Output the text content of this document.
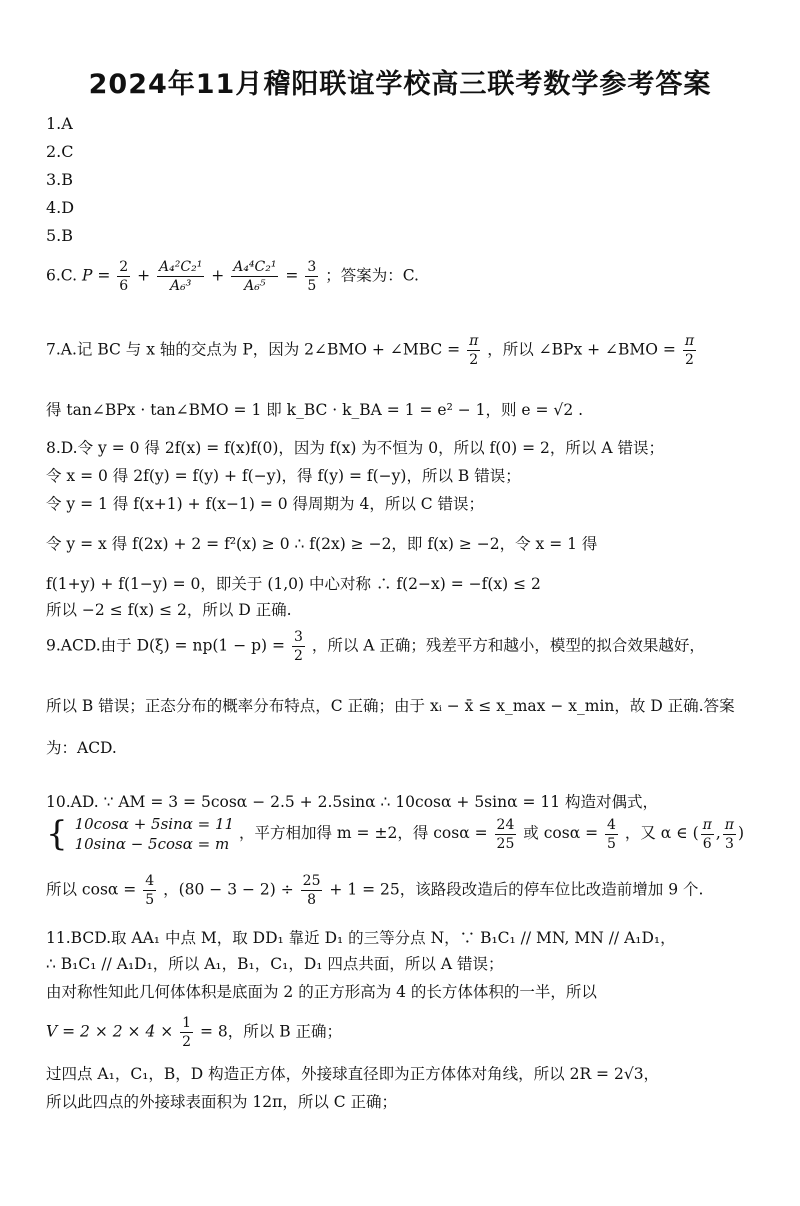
2024年11月稽阳联谊学校高三联考数学参考答案
1.A
2.C
3.B
4.D
5.B
6.C. $P = \frac{2}{6} + \frac{\text{A₄²C₂¹}}{\text{A₆³}} + \frac{\text{A₄⁴C₂¹}}{\text{A₆⁵}} = \frac{3}{5}$ ；答案为：C.
7.A.记 BC 与 x 轴的交点为 P，因为 2∠BMO + ∠MBC = $\frac{\pi}{2}$ ，所以 ∠BPx + ∠BMO = $\frac{\pi}{2}$
得 tan∠BPx · tan∠BMO = 1 即 k_BC · k_BA = 1 = e² − 1，则 e = √2 .
8.D.令 y = 0 得 2f(x) = f(x)f(0)，因为 f(x) 为不恒为 0，所以 f(0) = 2，所以 A 错误；
令 x = 0 得 2f(y) = f(y) + f(−y)，得 f(y) = f(−y)，所以 B 错误；
令 y = 1 得 f(x+1) + f(x−1) = 0 得周期为 4，所以 C 错误；
令 y = x 得 f(2x) + 2 = f²(x) ≥ 0 ∴ f(2x) ≥ −2，即 f(x) ≥ −2，令 x = 1 得
f(1+y) + f(1−y) = 0，即关于 (1,0) 中心对称 ∴ f(2−x) = −f(x) ≤ 2
所以 −2 ≤ f(x) ≤ 2，所以 D 正确.
9.ACD.由于 $D(\xi) = np(1 - p) = \frac{3}{2}$ ，所以 A 正确；残差平方和越小，模型的拟合效果越好，
所以 B 错误；正态分布的概率分布特点，C 正确；由于 xᵢ − x̄ ≤ x_max − x_min，故 D 正确.答案
为：ACD.
10.AD. ∵ AM = 3 = 5cosα − 2.5 + 2.5sinα ∴ 10cosα + 5sinα = 11 构造对偶式，
{ 10cosα + 5sinα = 11
10sinα − 5cosα = m
，平方相加得 m = ±2，得 $\cos\alpha = \frac{24}{25}$ 或 $\cos\alpha = \frac{4}{5}$ ，又 α ∈ ( $\frac{\pi}{6}$ , $\frac{\pi}{3}$ )
所以 $\cos\alpha = \frac{4}{5}$ ，$(80 - 3 - 2) \div \frac{25}{8} + 1 = 25$，该路段改造后的停车位比改造前增加 9 个.
11.BCD.取 AA₁ 中点 M，取 DD₁ 靠近 D₁ 的三等分点 N，∵ B₁C₁ // MN, MN // A₁D₁，
∴ B₁C₁ // A₁D₁，所以 A₁，B₁，C₁，D₁ 四点共面，所以 A 错误；
由对称性知此几何体体积是底面为 2 的正方形高为 4 的长方体体积的一半，所以
$V = 2 \times 2 \times 4 \times \frac{1}{2} = 8$，所以 B 正确；
过四点 A₁，C₁，B，D 构造正方体，外接球直径即为正方体体对角线，所以 2R = 2√3，
所以此四点的外接球表面积为 12π，所以 C 正确；
